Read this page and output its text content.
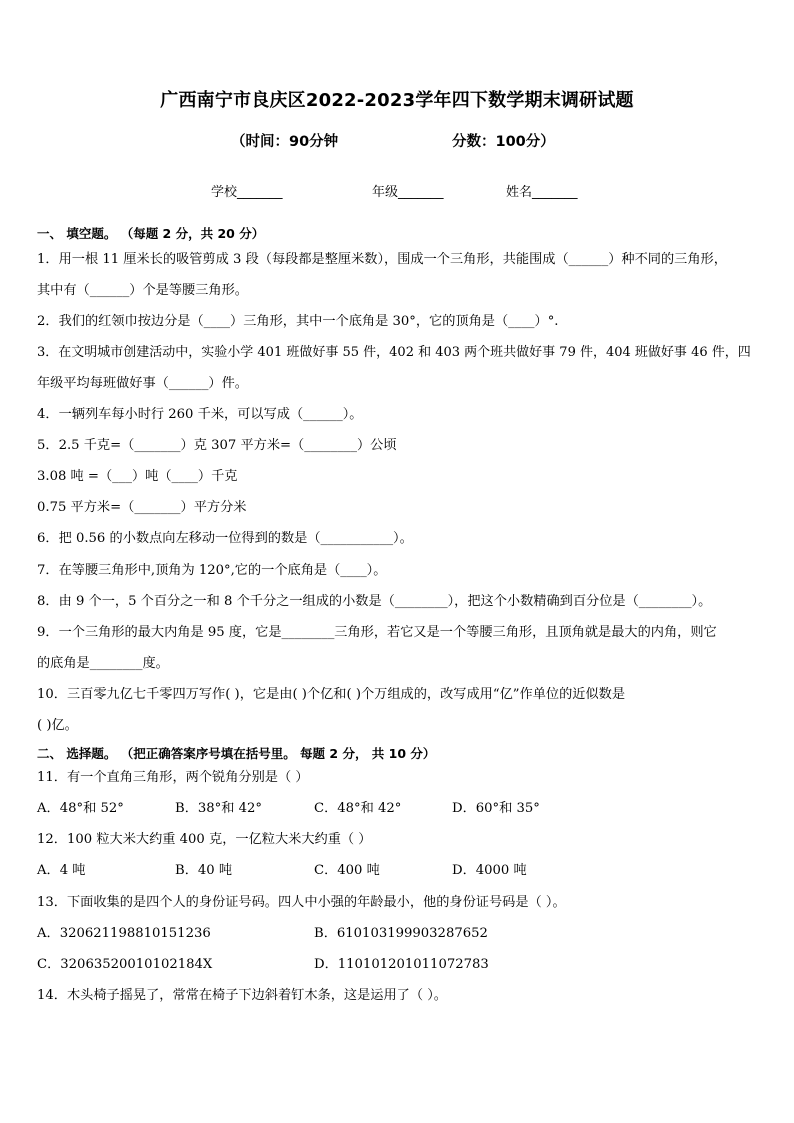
广西南宁市良庆区2022-2023学年四下数学期末调研试题
（时间：90分钟	分数：100分）
学校_______	年级_______	姓名_______
一、 填空题。 （每题 2 分，共 20 分）
1．用一根 11 厘米长的吸管剪成 3 段（每段都是整厘米数），围成一个三角形，共能围成（______）种不同的三角形，
其中有（______）个是等腰三角形。
2．我们的红领巾按边分是（____）三角形，其中一个底角是 30°，它的顶角是（____）°.
3．在文明城市创建活动中，实验小学 401 班做好事 55 件，402 和 403 两个班共做好事 79 件，404 班做好事 46 件，四
年级平均每班做好事（______）件。
4．一辆列车每小时行 260 千米，可以写成（______）。
5．2.5 千克=（_______）克 307 平方米=（________）公顷
3.08 吨 =（___）吨（____）千克
0.75 平方米=（_______）平方分米
6．把 0.56 的小数点向左移动一位得到的数是（___________）。
7．在等腰三角形中,顶角为 120°,它的一个底角是（____）。
8．由 9 个一，5 个百分之一和 8 个千分之一组成的小数是（________），把这个小数精确到百分位是（________）。
9．一个三角形的最大内角是 95 度，它是________三角形，若它又是一个等腰三角形，且顶角就是最大的内角，则它
的底角是________度。
10．三百零九亿七千零四万写作( )，它是由( )个亿和( )个万组成的，改写成用“亿”作单位的近似数是
( )亿。
二、 选择题。 （把正确答案序号填在括号里。 每题 2 分， 共 10 分）
11．有一个直角三角形，两个锐角分别是（ ）
A．48°和 52°	B．38°和 42°	C．48°和 42°	D．60°和 35°
12．100 粒大米大约重 400 克，一亿粒大米大约重（ ）
A．4 吨	B．40 吨	C．400 吨	D．4000 吨
13．下面收集的是四个人的身份证号码。四人中小强的年龄最小，他的身份证号码是（ ）。
A．320621198810151236	B．610103199903287652
C．32063520010102184X	D．110101201011072783
14．木头椅子摇晃了，常常在椅子下边斜着钉木条，这是运用了（ ）。
